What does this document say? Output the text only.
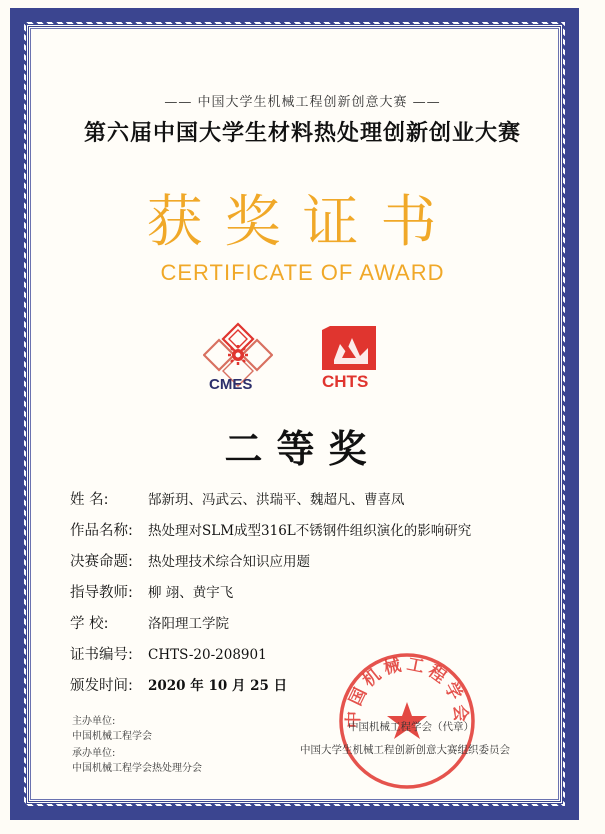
—— 中国大学生机械工程创新创意大赛 ——
第六届中国大学生材料热处理创新创业大赛
获奖证书
CERTIFICATE OF AWARD
CMES	CHTS
二等奖
姓 名:	郜新玥、冯武云、洪瑞平、魏超凡、曹喜凤
作品名称: 热处理对SLM成型316L不锈钢件组织演化的影响研究
决赛命题: 热处理技术综合知识应用题
指导教师: 柳 翊、黄宇飞
学 校:	洛阳理工学院
证书编号: CHTS-20-208901
颁发时间: 2020 年 10 月 25 日
中国机械工程学会
主办单位:
中国机械工程学会
承办单位:
中国机械工程学会热处理分会
中国机械工程学会（代章）
中国大学生机械工程创新创意大赛组织委员会
